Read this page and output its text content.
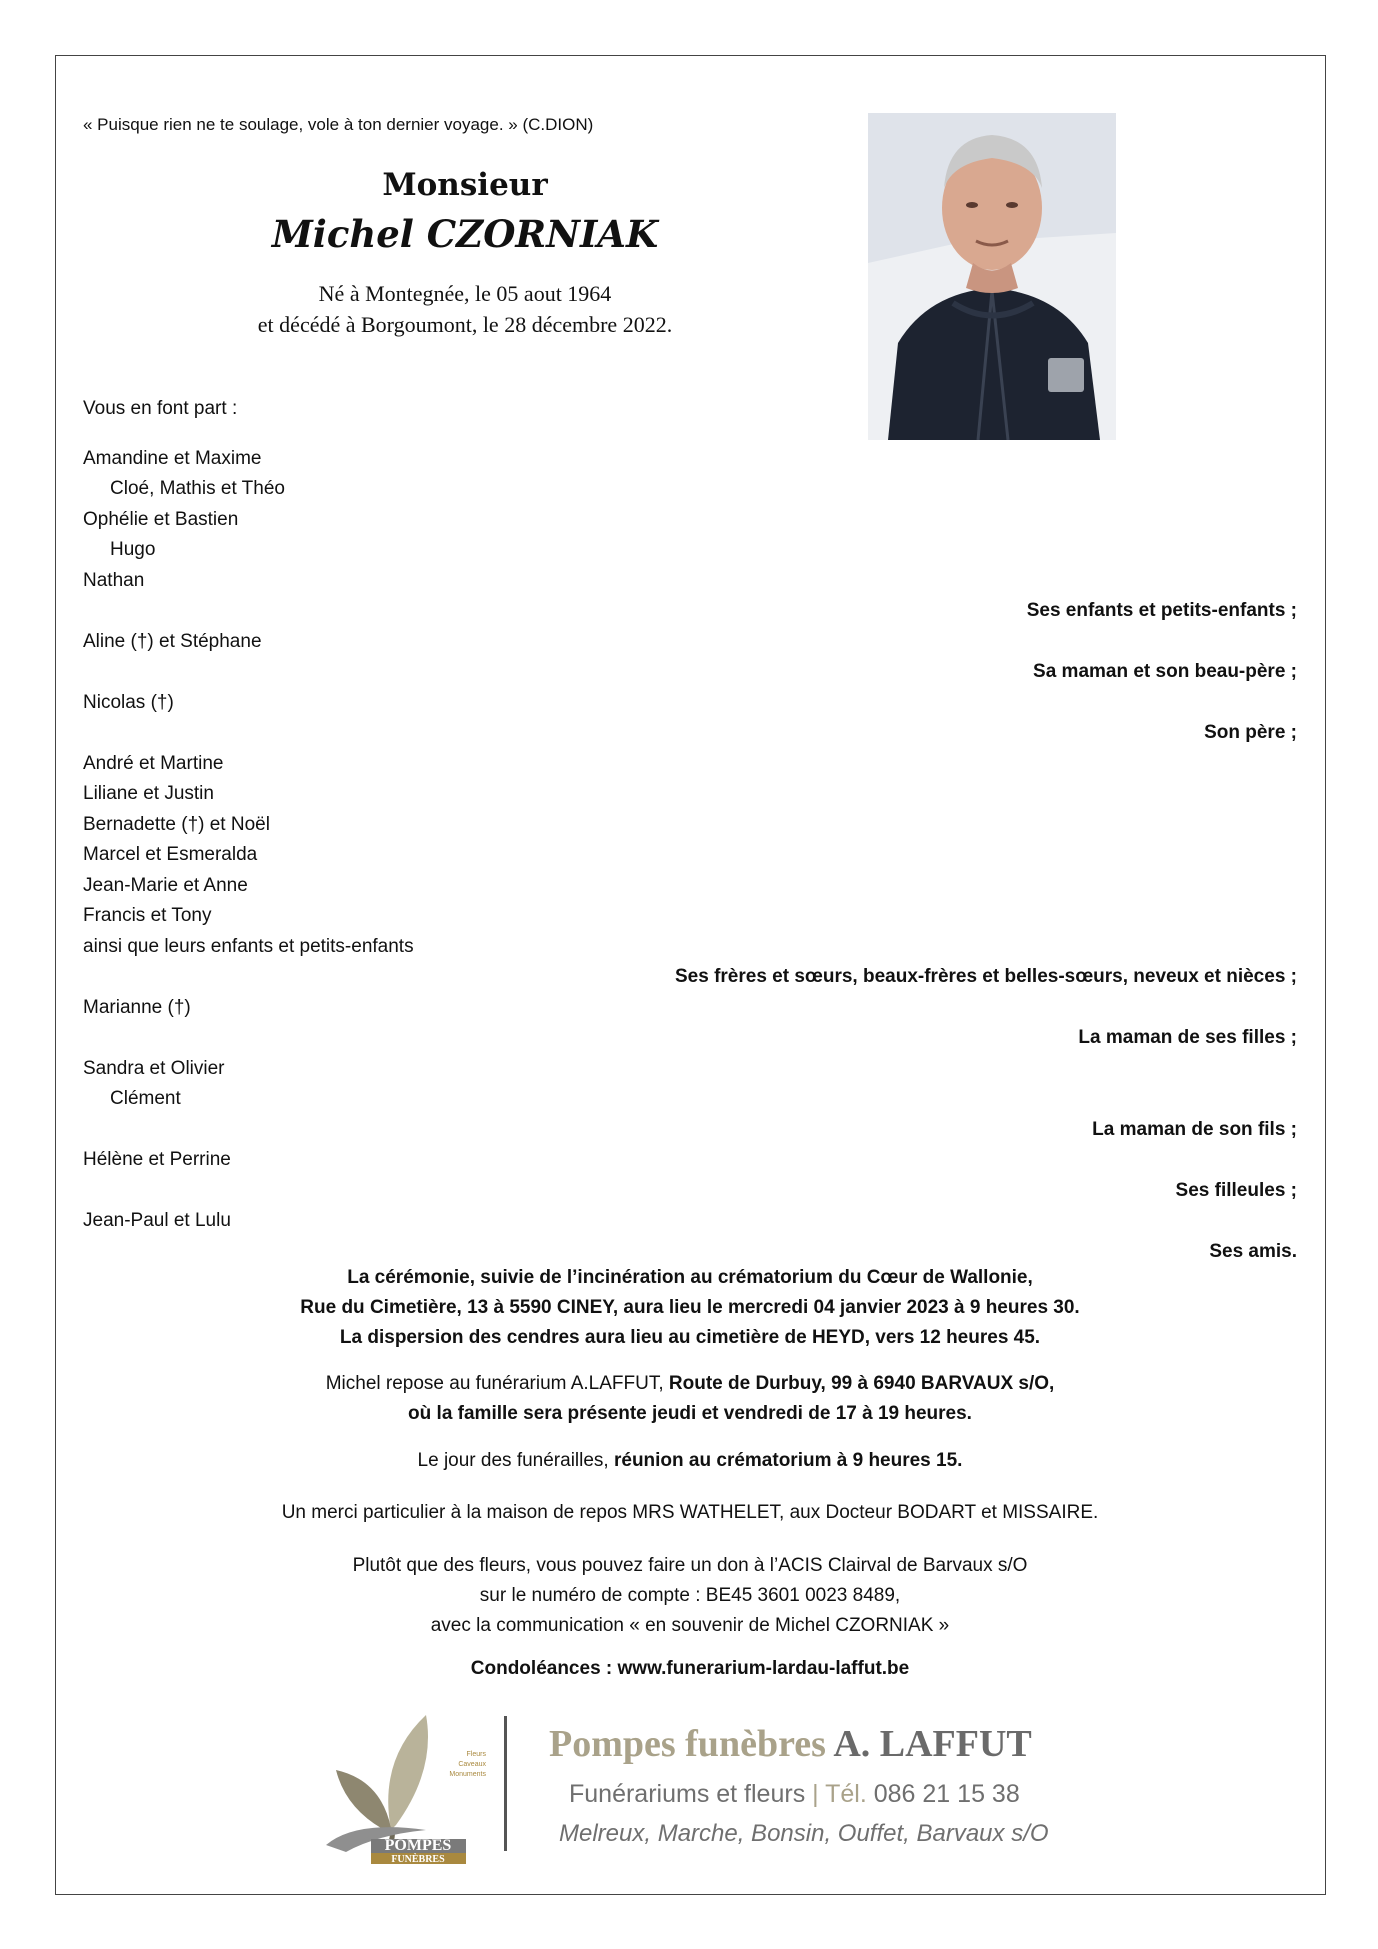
« Puisque rien ne te soulage, vole à ton dernier voyage. » (C.DION)
Monsieur
Michel CZORNIAK
Né à Montegnée, le 05 aout 1964
et décédé à Borgoumont, le 28 décembre 2022.
Vous en font part :
Amandine et Maxime
Cloé, Mathis et Théo
Ophélie et Bastien
Hugo
Nathan
Ses enfants et petits-enfants ;
Aline (†) et Stéphane
Sa maman et son beau-père ;
Nicolas (†)
Son père ;
André et Martine
Liliane et Justin
Bernadette (†) et Noël
Marcel et Esmeralda
Jean-Marie et Anne
Francis et Tony
ainsi que leurs enfants et petits-enfants
Ses frères et sœurs, beaux-frères et belles-sœurs, neveux et nièces ;
Marianne (†)
La maman de ses filles ;
Sandra et Olivier
Clément
La maman de son fils ;
Hélène et Perrine
Ses filleules ;
Jean-Paul et Lulu
Ses amis.

La cérémonie, suivie de l’incinération au crématorium du Cœur de Wallonie,

Rue du Cimetière, 13 à 5590 CINEY, aura lieu le mercredi 04 janvier 2023 à 9 heures 30.

La dispersion des cendres aura lieu au cimetière de HEYD, vers 12 heures 45.

Michel repose au funérarium A.LAFFUT, Route de Durbuy, 99 à 6940 BARVAUX s/O,

où la famille sera présente jeudi et vendredi de 17 à 19 heures.

Le jour des funérailles, réunion au crématorium à 9 heures 15.

Un merci particulier à la maison de repos MRS WATHELET, aux Docteur BODART et MISSAIRE.

Plutôt que des fleurs, vous pouvez faire un don à l’ACIS Clairval de Barvaux s/O

sur le numéro de compte : BE45 3601 0023 8489,

avec la communication « en souvenir de Michel CZORNIAK »

Condoléances : www.funerarium-lardau-laffut.be

POMPES
FUNÈBRES
Fleurs
Caveaux
Monuments
Pompes funèbres A. LAFFUT
Funérariums et fleurs | Tél. 086 21 15 38
Melreux, Marche, Bonsin, Ouffet, Barvaux s/O
